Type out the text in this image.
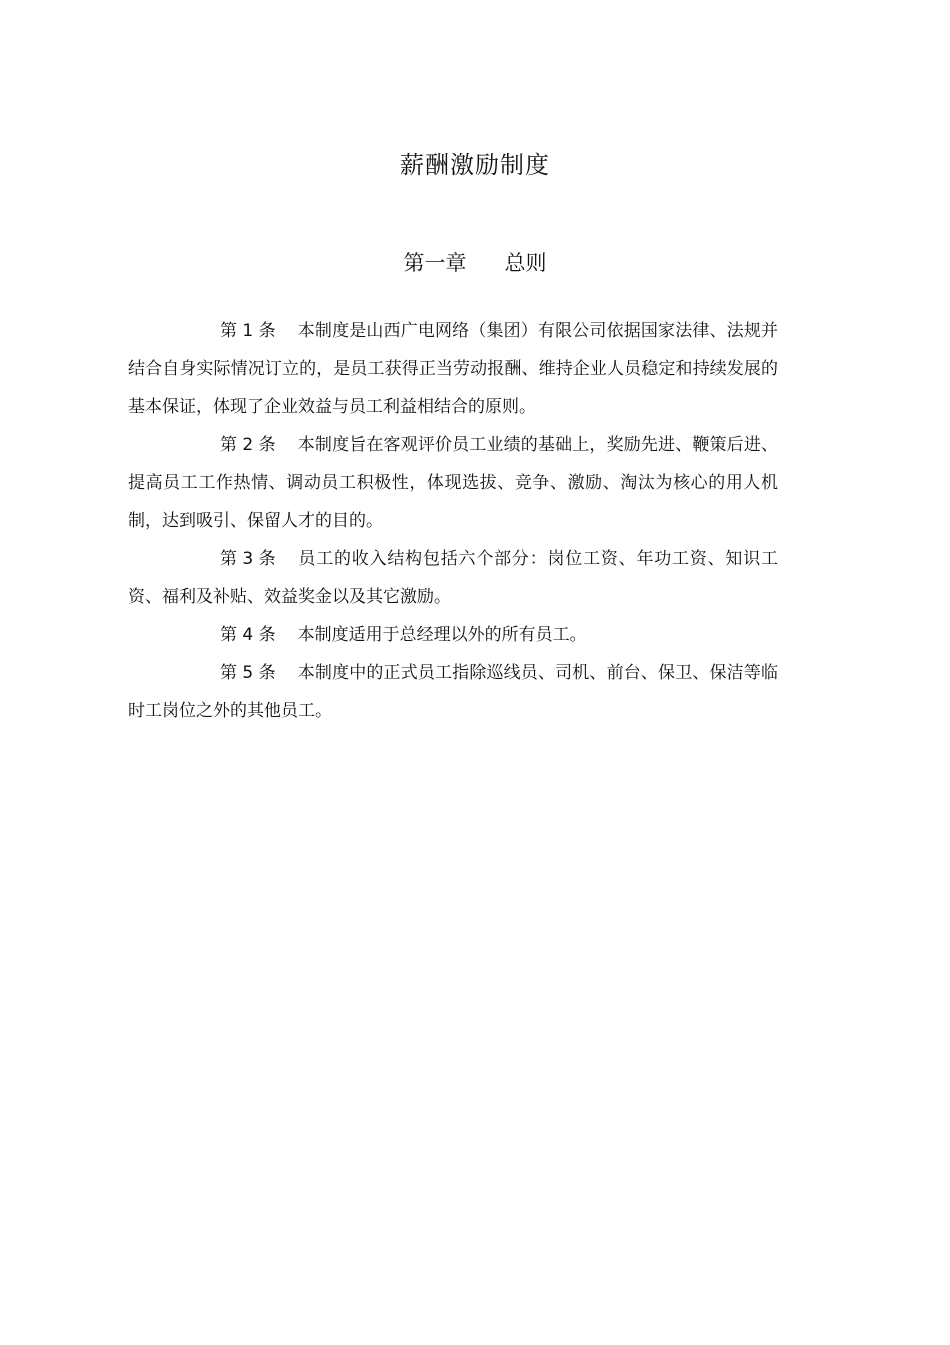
薪酬激励制度
第一章 总则

第 1 条 本制度是山西广电网络（集团）有限公司依据国家法律、法规并结合自身实际情况订立的，是员工获得正当劳动报酬、维持企业人员稳定和持续发展的基本保证，体现了企业效益与员工利益相结合的原则。

第 2 条 本制度旨在客观评价员工业绩的基础上，奖励先进、鞭策后进、提高员工工作热情、调动员工积极性，体现选拔、竞争、激励、淘汰为核心的用人机制，达到吸引、保留人才的目的。

第 3 条 员工的收入结构包括六个部分：岗位工资、年功工资、知识工资、福利及补贴、效益奖金以及其它激励。

第 4 条 本制度适用于总经理以外的所有员工。

第 5 条 本制度中的正式员工指除巡线员、司机、前台、保卫、保洁等临时工岗位之外的其他员工。
